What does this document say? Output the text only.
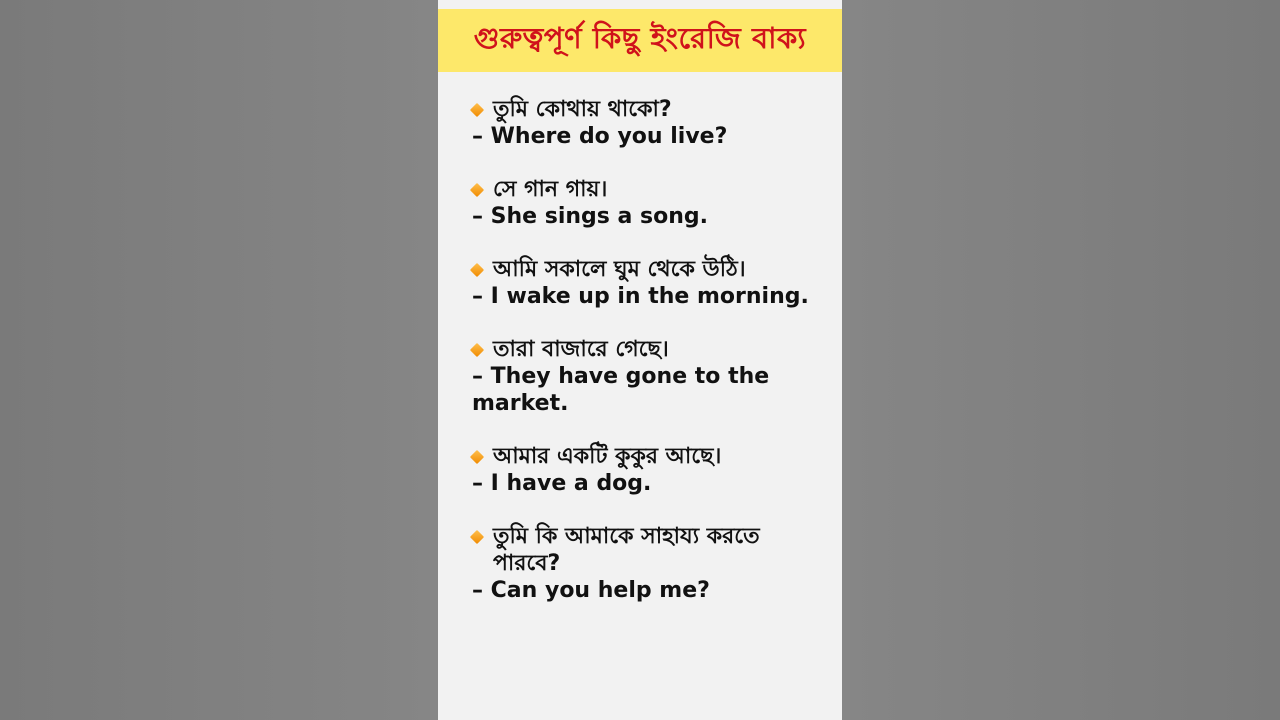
গুরুত্বপূর্ণ কিছু ইংরেজি বাক্য
তুমি কোথায় থাকো?
– Where do you live?
সে গান গায়।
– She sings a song.
আমি সকালে ঘুম থেকে উঠি।
– I wake up in the morning.
তারা বাজারে গেছে।
– They have gone to the market.
আমার একটি কুকুর আছে।
– I have a dog.
তুমি কি আমাকে সাহায্য করতে পারবে?
– Can you help me?
